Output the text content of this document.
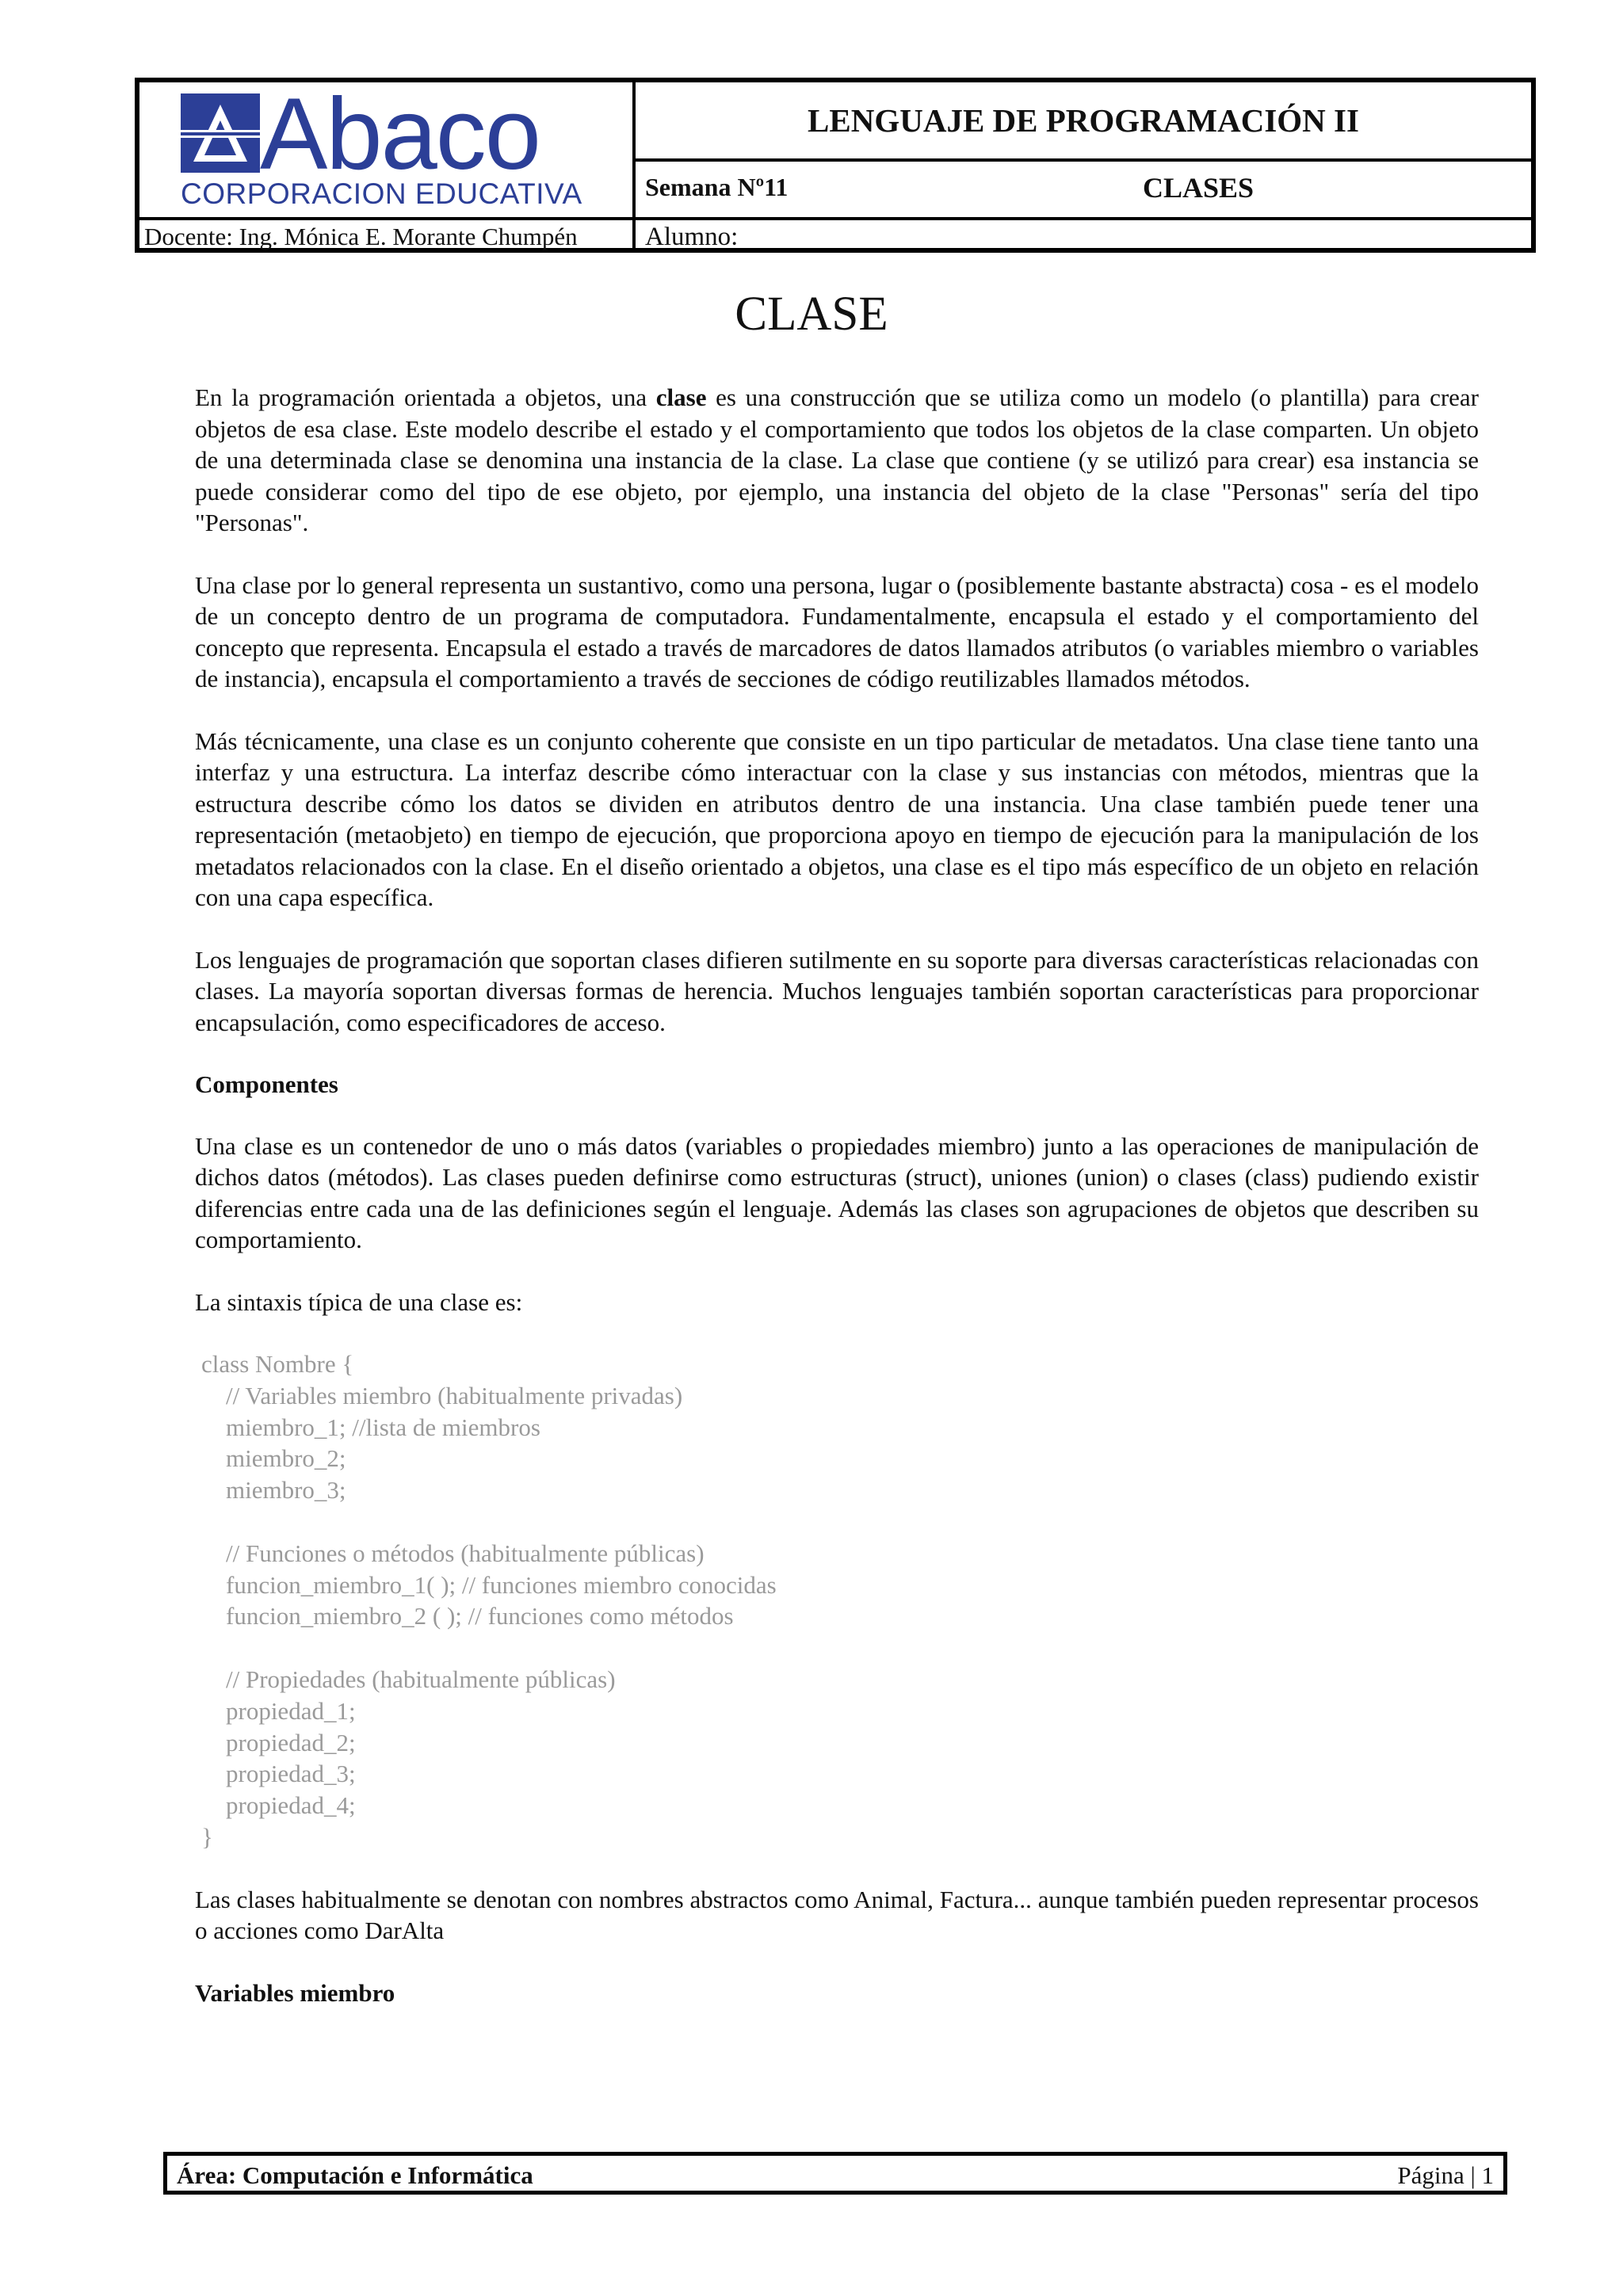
Abaco
CORPORACION EDUCATIVA
LENGUAJE DE PROGRAMACIÓN II
Semana Nº11	CLASES
Docente: Ing. Mónica E. Morante Chumpén	Alumno:
CLASE

En la programación orientada a objetos, una clase es una construcción que se utiliza como un modelo (o plantilla) para crear objetos de esa clase. Este modelo describe el estado y el comportamiento que todos los objetos de la clase comparten. Un objeto de una determinada clase se denomina una instancia de la clase. La clase que contiene (y se utilizó para crear) esa instancia se puede considerar como del tipo de ese objeto, por ejemplo, una instancia del objeto de la clase "Personas" sería del tipo "Personas".

Una clase por lo general representa un sustantivo, como una persona, lugar o (posiblemente bastante abstracta) cosa - es el modelo de un concepto dentro de un programa de computadora. Fundamentalmente, encapsula el estado y el comportamiento del concepto que representa. Encapsula el estado a través de marcadores de datos llamados atributos (o variables miembro o variables de instancia), encapsula el comportamiento a través de secciones de código reutilizables llamados métodos.

Más técnicamente, una clase es un conjunto coherente que consiste en un tipo particular de metadatos. Una clase tiene tanto una interfaz y una estructura. La interfaz describe cómo interactuar con la clase y sus instancias con métodos, mientras que la estructura describe cómo los datos se dividen en atributos dentro de una instancia. Una clase también puede tener una representación (metaobjeto) en tiempo de ejecución, que proporciona apoyo en tiempo de ejecución para la manipulación de los metadatos relacionados con la clase. En el diseño orientado a objetos, una clase es el tipo más específico de un objeto en relación con una capa específica.

Los lenguajes de programación que soportan clases difieren sutilmente en su soporte para diversas características relacionadas con clases. La mayoría soportan diversas formas de herencia. Muchos lenguajes también soportan características para proporcionar encapsulación, como especificadores de acceso.

Componentes

Una clase es un contenedor de uno o más datos (variables o propiedades miembro) junto a las operaciones de manipulación de dichos datos (métodos). Las clases pueden definirse como estructuras (struct), uniones (union) o clases (class) pudiendo existir diferencias entre cada una de las definiciones según el lenguaje. Además las clases son agrupaciones de objetos que describen su comportamiento.

La sintaxis típica de una clase es:

class Nombre {
// Variables miembro (habitualmente privadas)
miembro_1; //lista de miembros
miembro_2;
miembro_3;

// Funciones o métodos (habitualmente públicas)
funcion_miembro_1( ); // funciones miembro conocidas
funcion_miembro_2 ( ); // funciones como métodos

// Propiedades (habitualmente públicas)
propiedad_1;
propiedad_2;
propiedad_3;
propiedad_4;
}

Las clases habitualmente se denotan con nombres abstractos como Animal, Factura... aunque también pueden representar procesos o acciones como DarAlta

Variables miembro
Área: Computación e Informática	Página | 1
